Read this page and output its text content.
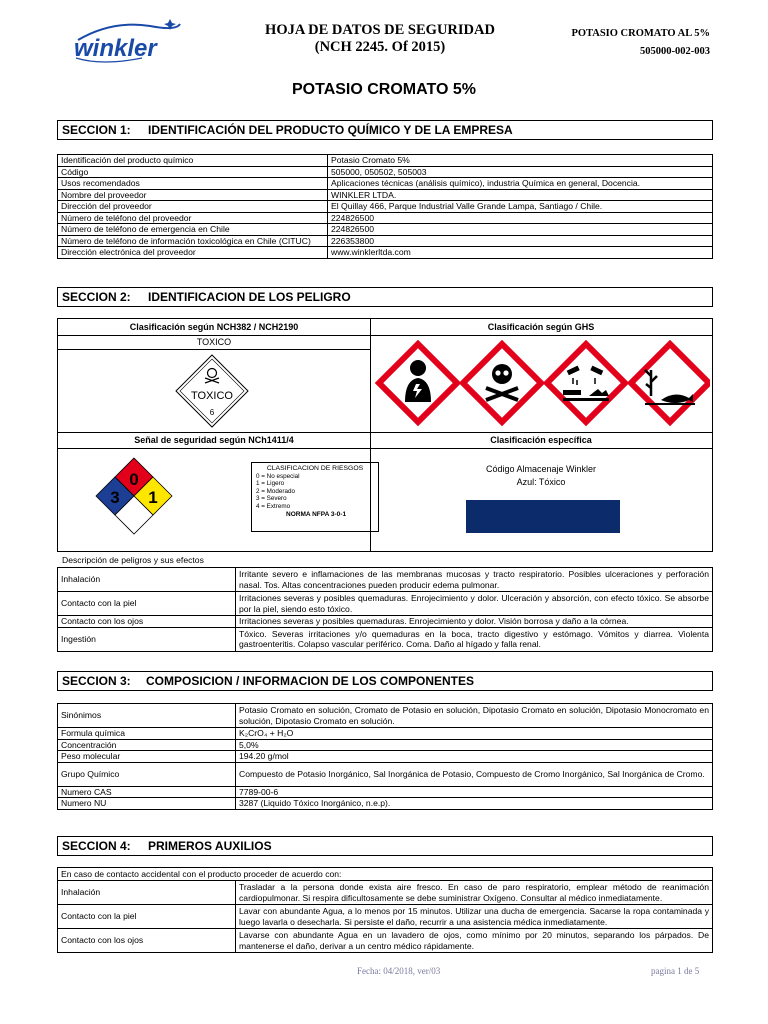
winkler
HOJA DE DATOS DE SEGURIDAD
(NCH 2245. Of 2015)
POTASIO CROMATO AL 5%
505000-002-003
POTASIO CROMATO 5%
SECCION 1: IDENTIFICACIÓN DEL PRODUCTO QUÍMICO Y DE LA EMPRESA
Identificación del producto químico	Potasio Cromato 5%
Código	505000, 050502, 505003
Usos recomendados	Aplicaciones técnicas (análisis químico), industria Química en general, Docencia.
Nombre del proveedor	WINKLER LTDA.
Dirección del proveedor	El Quillay 466, Parque Industrial Valle Grande Lampa, Santiago / Chile.
Número de teléfono del proveedor	224826500
Número de teléfono de emergencia en Chile	224826500
Número de teléfono de información toxicológica en Chile (CITUC)	226353800
Dirección electrónica del proveedor	www.winklerltda.com
SECCION 2: IDENTIFICACION DE LOS PELIGRO
Clasificación según NCH382 / NCH2190	Clasificación según GHS
TOXICO
TOXICO
6
Señal de seguridad según NCh1411/4	Clasificación específica
0
3 1
CLASIFICACION DE RIESGOS
0 = No especial
1 = Ligero
2 = Moderado
3 = Severo
4 = Extremo
NORMA NFPA 3-0-1
Código Almacenaje Winkler
Azul: Tóxico
Descripción de peligros y sus efectos
Inhalación	Irritante severo e inflamaciones de las membranas mucosas y tracto respiratorio. Posibles ulceraciones y perforación nasal. Tos. Altas concentraciones pueden producir edema pulmonar.
Contacto con la piel	Irritaciones severas y posibles quemaduras. Enrojecimiento y dolor. Ulceración y absorción, con efecto tóxico. Se absorbe por la piel, siendo esto tóxico.
Contacto con los ojos	Irritaciones severas y posibles quemaduras. Enrojecimiento y dolor. Visión borrosa y daño a la córnea.
Ingestión	Tóxico. Severas irritaciones y/o quemaduras en la boca, tracto digestivo y estómago. Vómitos y diarrea. Violenta gastroenteritis. Colapso vascular periférico. Coma. Daño al hígado y falla renal.
SECCION 3: COMPOSICION / INFORMACION DE LOS COMPONENTES
Sinónimos	Potasio Cromato en solución, Cromato de Potasio en solución, Dipotasio Cromato en solución, Dipotasio Monocromato en solución, Dipotasio Cromato en solución.
Formula química	K₂CrO₄ + H₂O
Concentración	5,0%
Peso molecular	194.20 g/mol
Grupo Químico	Compuesto de Potasio Inorgánico, Sal Inorgánica de Potasio, Compuesto de Cromo Inorgánico, Sal Inorgánica de Cromo.
Numero CAS	7789-00-6
Numero NU	3287 (Liquido Tóxico Inorgánico, n.e.p).
SECCION 4: PRIMEROS AUXILIOS
En caso de contacto accidental con el producto proceder de acuerdo con:	
Inhalación	Trasladar a la persona donde exista aire fresco. En caso de paro respiratorio, emplear método de reanimación cardiopulmonar. Si respira dificultosamente se debe suministrar Oxígeno. Consultar al médico inmediatamente.
Contacto con la piel	Lavar con abundante Agua, a lo menos por 15 minutos. Utilizar una ducha de emergencia. Sacarse la ropa contaminada y luego lavarla o desecharla. Si persiste el daño, recurrir a una asistencia médica inmediatamente.
Contacto con los ojos	Lavarse con abundante Agua en un lavadero de ojos, como mínimo por 20 minutos, separando los párpados. De mantenerse el daño, derivar a un centro médico rápidamente.
Fecha: 04/2018, ver/03	pagina 1 de 5
